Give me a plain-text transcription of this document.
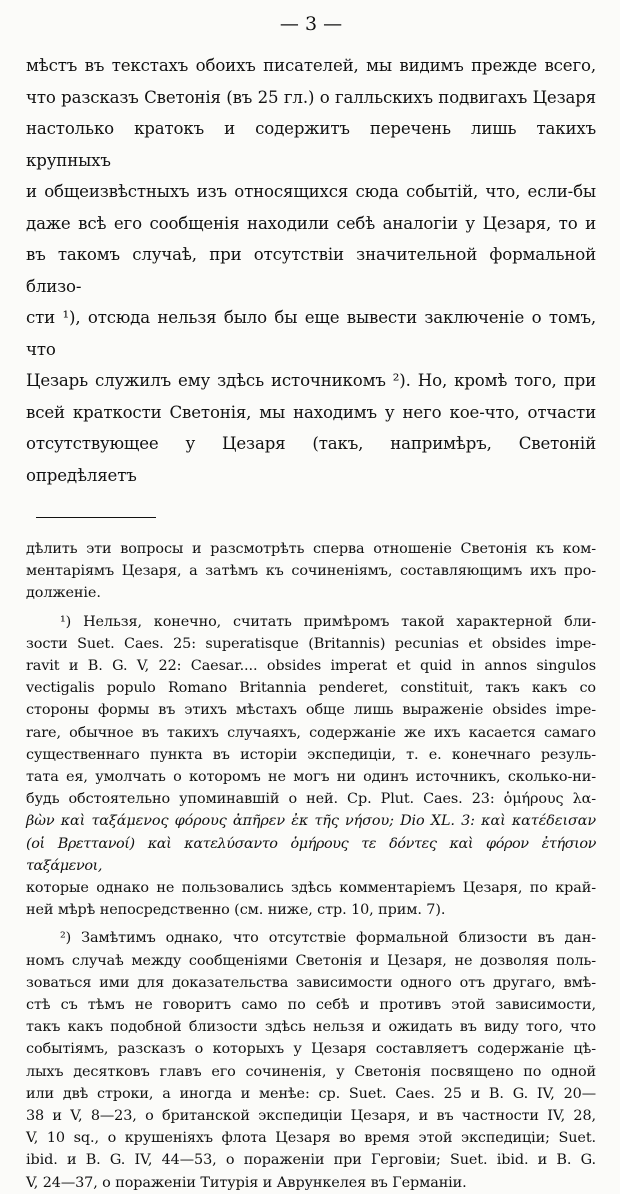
— 3 —

мѣстъ въ текстахъ обоихъ писателей, мы видимъ прежде всего,

что разсказъ Светонія (въ 25 гл.) о галльскихъ подвигахъ Цезаря

настолько кратокъ и содержитъ перечень лишь такихъ крупныхъ

и общеизвѣстныхъ изъ относящихся сюда событій, что, если-бы

даже всѣ его сообщенія находили себѣ аналогіи у Цезаря, то и

въ такомъ случаѣ, при отсутствіи значительной формальной близо-

сти ¹), отсюда нельзя было бы еще вывести заключеніе о томъ, что

Цезарь служилъ ему здѣсь источникомъ ²). Но, кромѣ того, при

всей краткости Светонія, мы находимъ у него кое-что, отчасти

отсутствующее у Цезаря (такъ, напримѣръ, Светоній опредѣляетъ

дѣлить эти вопросы и разсмотрѣть сперва отношеніе Светонія къ ком-

ментаріямъ Цезаря, а затѣмъ къ сочиненіямъ, составляющимъ ихъ про-

долженіе.

¹) Нельзя, конечно, считать примѣромъ такой характерной бли-

зости Suet. Caes. 25: superatisque (Britannis) pecunias et obsides impe-

ravit и B. G. V, 22: Caesar.... obsides imperat et quid in annos singulos

vectigalis populo Romano Britannia penderet, constituit, такъ какъ со

стороны формы въ этихъ мѣстахъ обще лишь выраженіе obsides impe-

rare, обычное въ такихъ случаяхъ, содержаніе же ихъ касается самаго

существеннаго пункта въ исторіи экспедиціи, т. е. конечнаго резуль-

тата ея, умолчать о которомъ не могъ ни одинъ источникъ, сколько-ни-

будь обстоятельно упоминавшій о ней. Ср. Plut. Caes. 23: ὁμήρους λα-

βὼν καὶ ταξάμενος φόρους ἀπῆρεν ἐκ τῆς νήσου; Dio XL. 3: καὶ κατέδεισαν

(οἱ Βρεττανοί) καὶ κατελύσαντο ὁμήρους τε δόντες καὶ φόρον ἐτήσιον ταξάμενοι,

которые однако не пользовались здѣсь комментаріемъ Цезаря, по край-

ней мѣрѣ непосредственно (см. ниже, стр. 10, прим. 7).

²) Замѣтимъ однако, что отсутствіе формальной близости въ дан-

номъ случаѣ между сообщеніями Светонія и Цезаря, не дозволяя поль-

зоваться ими для доказательства зависимости одного отъ другаго, вмѣ-

стѣ съ тѣмъ не говоритъ само по себѣ и противъ этой зависимости,

такъ какъ подобной близости здѣсь нельзя и ожидать въ виду того, что

событіямъ, разсказъ о которыхъ у Цезаря составляетъ содержаніе цѣ-

лыхъ десятковъ главъ его сочиненія, у Светонія посвящено по одной

или двѣ строки, а иногда и менѣе: ср. Suet. Caes. 25 и B. G. IV, 20—

38 и V, 8—23, о британской экспедиціи Цезаря, и въ частности IV, 28,

V, 10 sq., о крушеніяхъ флота Цезаря во время этой экспедиціи; Suet.

ibid. и B. G. IV, 44—53, о пораженіи при Герговіи; Suet. ibid. и B. G.

V, 24—37, о пораженіи Титурія и Аврункелея въ Германіи.
